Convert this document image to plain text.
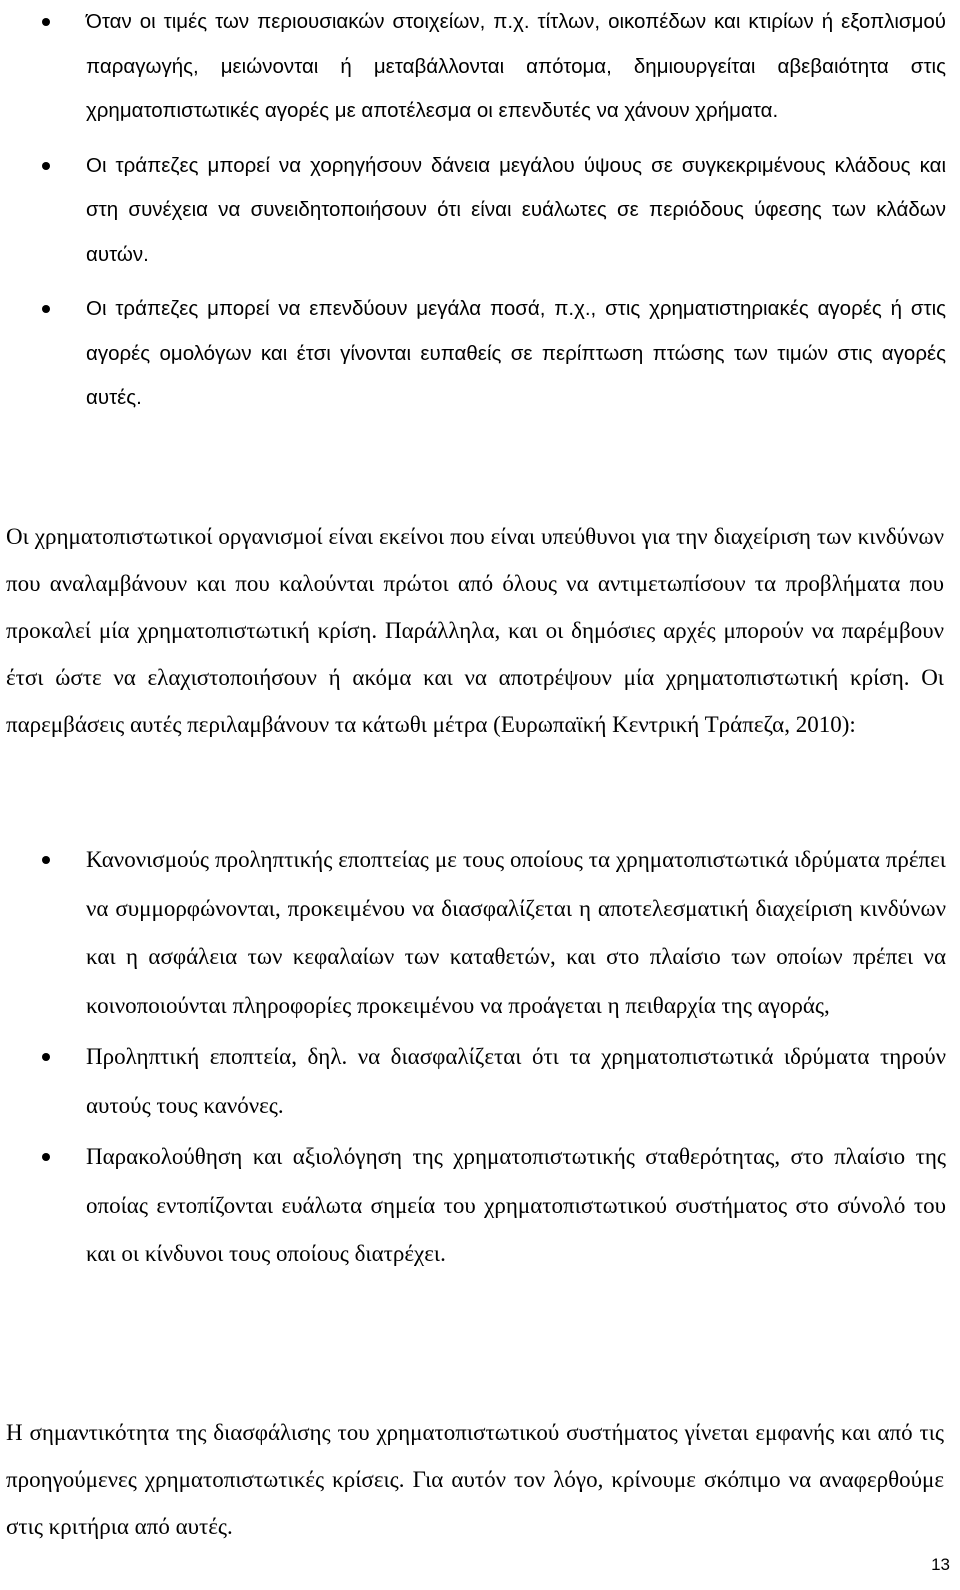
Όταν οι τιμές των περιουσιακών στοιχείων, π.χ. τίτλων, οικοπέδων και κτιρίων ή εξοπλισμού παραγωγής, μειώνονται ή μεταβάλλονται απότομα, δημιουργείται αβεβαιότητα στις χρηματοπιστωτικές αγορές με αποτέλεσμα οι επενδυτές να χάνουν χρήματα.
Οι τράπεζες μπορεί να χορηγήσουν δάνεια μεγάλου ύψους σε συγκεκριμένους κλάδους και στη συνέχεια να συνειδητοποιήσουν ότι είναι ευάλωτες σε περιόδους ύφεσης των κλάδων αυτών.
Οι τράπεζες μπορεί να επενδύουν μεγάλα ποσά, π.χ., στις χρηματιστηριακές αγορές ή στις αγορές ομολόγων και έτσι γίνονται ευπαθείς σε περίπτωση πτώσης των τιμών στις αγορές αυτές.

Οι χρηματοπιστωτικοί οργανισμοί είναι εκείνοι που είναι υπεύθυνοι για την διαχείριση των κινδύνων που αναλαμβάνουν και που καλούνται πρώτοι από όλους να αντιμετωπίσουν τα προβλήματα που προκαλεί μία χρηματοπιστωτική κρίση. Παράλληλα, και οι δημόσιες αρχές μπορούν να παρέμβουν έτσι ώστε να ελαχιστοποιήσουν ή ακόμα και να αποτρέψουν μία χρηματοπιστωτική κρίση. Οι παρεμβάσεις αυτές περιλαμβάνουν τα κάτωθι μέτρα (Ευρωπαϊκή Κεντρική Τράπεζα, 2010):

Κανονισμούς προληπτικής εποπτείας με τους οποίους τα χρηματοπιστωτικά ιδρύματα πρέπει να συμμορφώνονται, προκειμένου να διασφαλίζεται η αποτελεσματική διαχείριση κινδύνων και η ασφάλεια των κεφαλαίων των καταθετών, και στο πλαίσιο των οποίων πρέπει να κοινοποιούνται πληροφορίες προκειμένου να προάγεται η πειθαρχία της αγοράς,
Προληπτική εποπτεία, δηλ. να διασφαλίζεται ότι τα χρηματοπιστωτικά ιδρύματα τηρούν αυτούς τους κανόνες.
Παρακολούθηση και αξιολόγηση της χρηματοπιστωτικής σταθερότητας, στο πλαίσιο της οποίας εντοπίζονται ευάλωτα σημεία του χρηματοπιστωτικού συστήματος στο σύνολό του και οι κίνδυνοι τους οποίους διατρέχει.

Η σημαντικότητα της διασφάλισης του χρηματοπιστωτικού συστήματος γίνεται εμφανής και από τις προηγούμενες χρηματοπιστωτικές κρίσεις. Για αυτόν τον λόγο, κρίνουμε σκόπιμο να αναφερθούμε στις κριτήρια από αυτές.

13
